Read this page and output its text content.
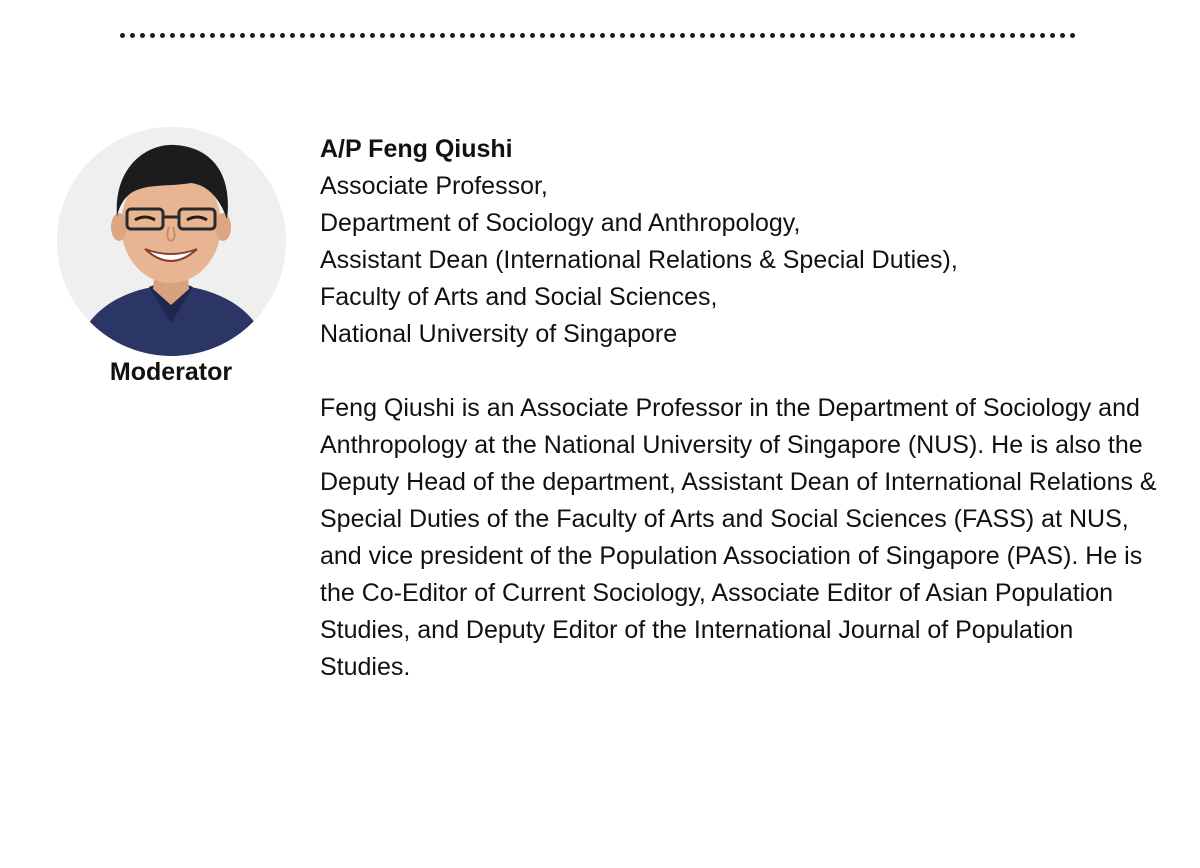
Moderator

A/P Feng Qiushi

Associate Professor,

Department of Sociology and Anthropology,

Assistant Dean (International Relations & Special Duties),

Faculty of Arts and Social Sciences,

National University of Singapore

Feng Qiushi is an Associate Professor in the Department of Sociology and Anthropology at the National University of Singapore (NUS). He is also the Deputy Head of the department, Assistant Dean of International Relations & Special Duties of the Faculty of Arts and Social Sciences (FASS) at NUS, and vice president of the Population Association of Singapore (PAS). He is the Co-Editor of Current Sociology, Associate Editor of Asian Population Studies, and Deputy Editor of the International Journal of Population Studies.
